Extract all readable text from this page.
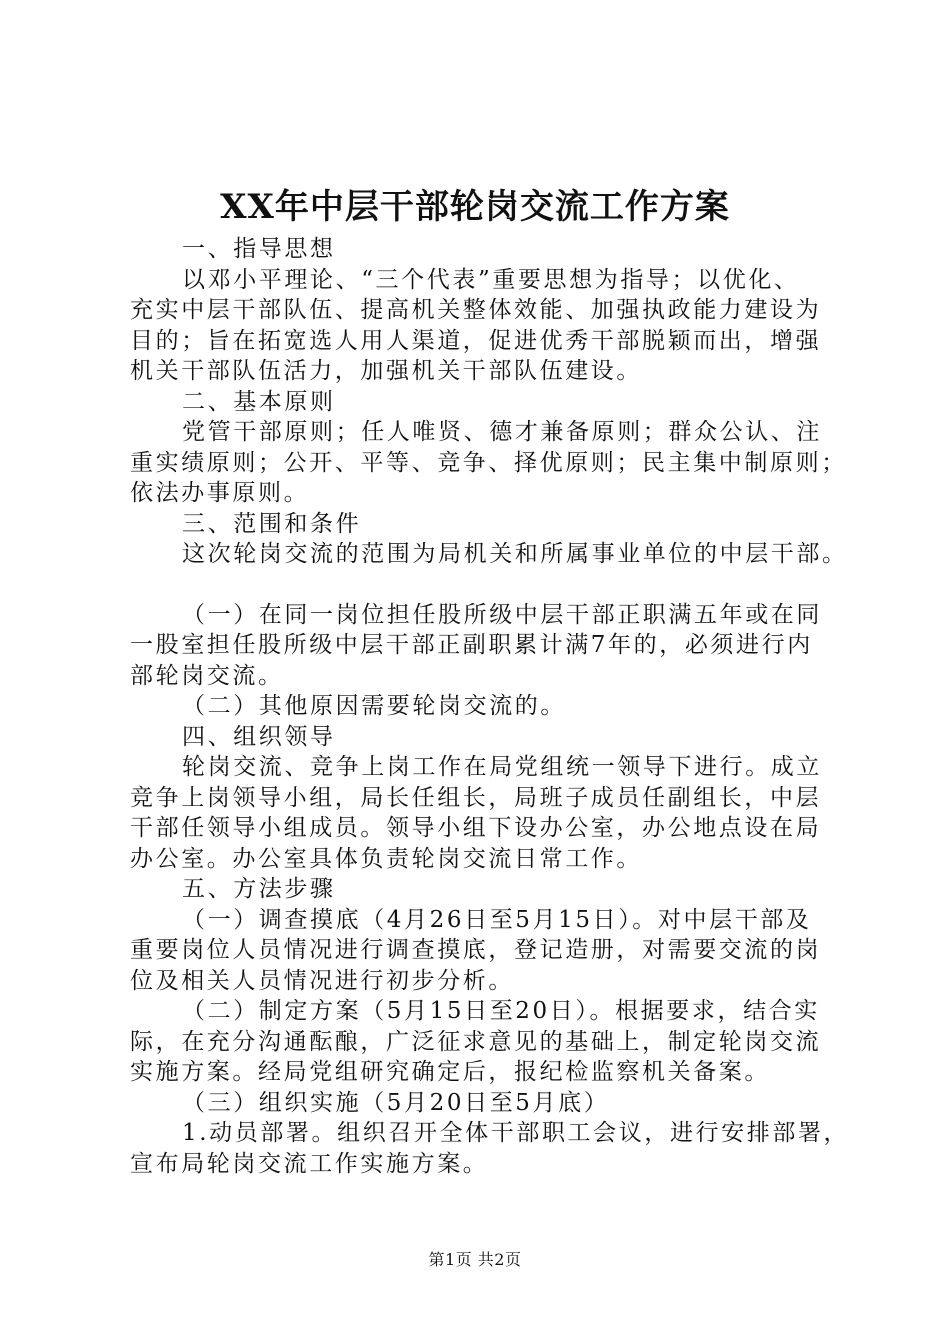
XX年中层干部轮岗交流工作方案
一、指导思想
以邓小平理论、“三个代表”重要思想为指导；以优化、
充实中层干部队伍、提高机关整体效能、加强执政能力建设为
目的；旨在拓宽选人用人渠道，促进优秀干部脱颖而出，增强
机关干部队伍活力，加强机关干部队伍建设。
二、基本原则
党管干部原则；任人唯贤、德才兼备原则；群众公认、注
重实绩原则；公开、平等、竞争、择优原则；民主集中制原则；
依法办事原则。
三、范围和条件
这次轮岗交流的范围为局机关和所属事业单位的中层干部。
（一）在同一岗位担任股所级中层干部正职满五年或在同
一股室担任股所级中层干部正副职累计满7年的，必须进行内
部轮岗交流。
（二）其他原因需要轮岗交流的。
四、组织领导
轮岗交流、竞争上岗工作在局党组统一领导下进行。成立
竞争上岗领导小组，局长任组长，局班子成员任副组长，中层
干部任领导小组成员。领导小组下设办公室，办公地点设在局
办公室。办公室具体负责轮岗交流日常工作。
五、方法步骤
（一）调查摸底（4月26日至5月15日）。对中层干部及
重要岗位人员情况进行调查摸底，登记造册，对需要交流的岗
位及相关人员情况进行初步分析。
（二）制定方案（5月15日至20日）。根据要求，结合实
际，在充分沟通酝酿，广泛征求意见的基础上，制定轮岗交流
实施方案。经局党组研究确定后，报纪检监察机关备案。
（三）组织实施（5月20日至5月底）
1.动员部署。组织召开全体干部职工会议，进行安排部署，
宣布局轮岗交流工作实施方案。
第1页 共2页
